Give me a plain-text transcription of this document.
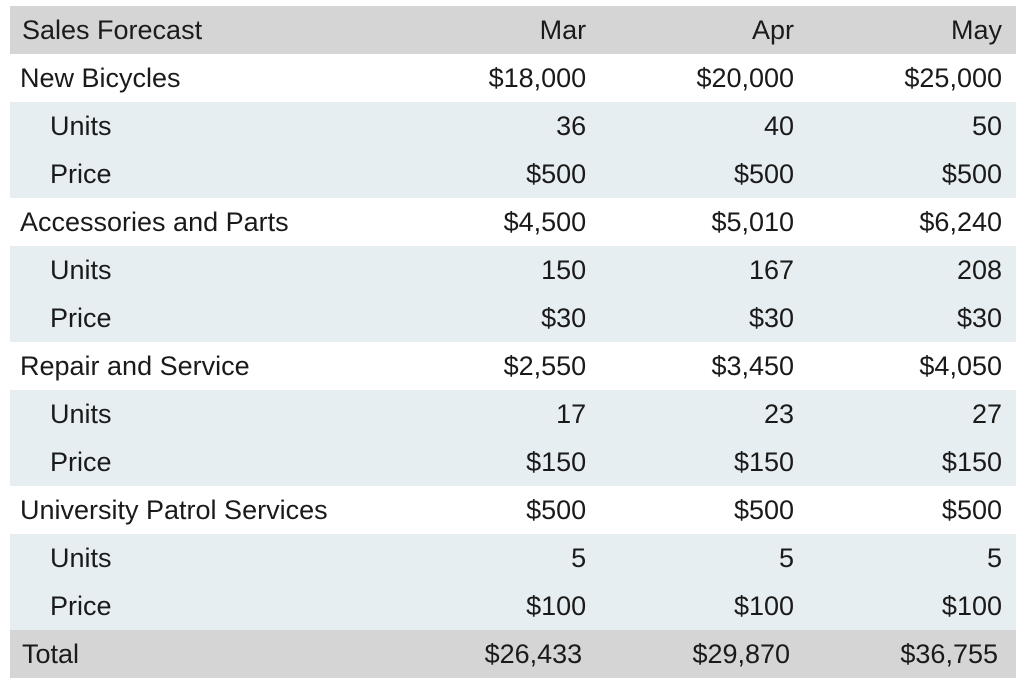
Sales Forecast	Mar	Apr	May
New Bicycles	$18,000	$20,000	$25,000
Units	36	40	50
Price	$500	$500	$500
Accessories and Parts	$4,500	$5,010	$6,240
Units	150	167	208
Price	$30	$30	$30
Repair and Service	$2,550	$3,450	$4,050
Units	17	23	27
Price	$150	$150	$150

University Patrol Services	$500	$500	$500
Units	5	5	5
Price	$100	$100	$100
Total	$26,433	$29,870	$36,755
